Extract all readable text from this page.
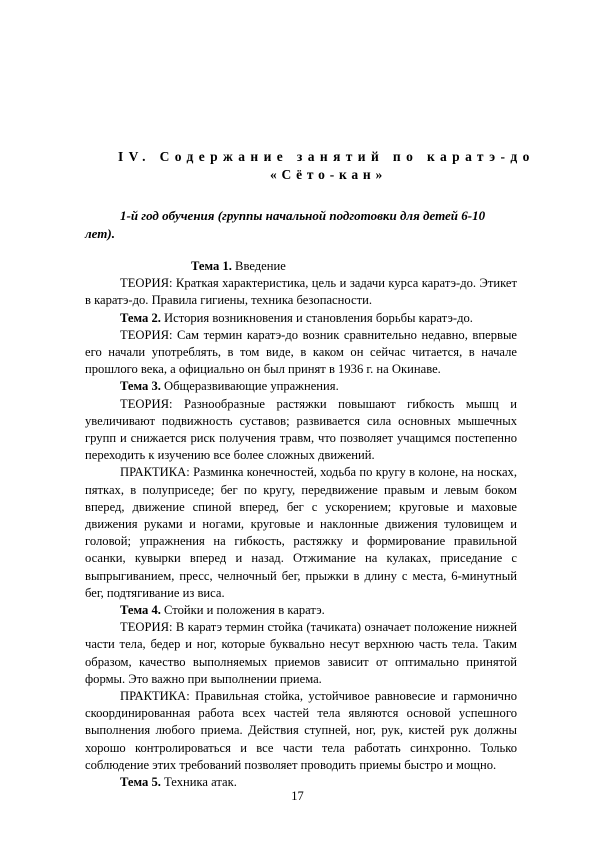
IV. Содержание занятий по каратэ-до
«Сёто-кан»
1-й год обучения (группы начальной подготовки для детей 6-10 лет).

Тема 1. Введение

ТЕОРИЯ: Краткая характеристика, цель и задачи курса каратэ-до. Этикет в каратэ-до. Правила гигиены, техника безопасности.

Тема 2. История возникновения и становления борьбы каратэ-до.

ТЕОРИЯ: Сам термин каратэ-до возник сравнительно недавно, впервые его начали употреблять, в том виде, в каком он сейчас читается, в начале прошлого века, а официально он был принят в 1936 г. на Окинаве.

Тема 3. Общеразвивающие упражнения.

ТЕОРИЯ: Разнообразные растяжки повышают гибкость мышц и увеличивают подвижность суставов; развивается сила основных мышечных групп и снижается риск получения травм, что позволяет учащимся постепенно переходить к изучению все более сложных движений.

ПРАКТИКА: Разминка конечностей, ходьба по кругу в колоне, на носках, пятках, в полуприседе; бег по кругу, передвижение правым и левым боком вперед, движение спиной вперед, бег с ускорением; круговые и маховые движения руками и ногами, круговые и наклонные движения туловищем и головой; упражнения на гибкость, растяжку и формирование правильной осанки, кувырки вперед и назад. Отжимание на кулаках, приседание с выпрыгиванием, пресс, челночный бег, прыжки в длину с места, 6-минутный бег, подтягивание из виса.

Тема 4. Стойки и положения в каратэ.

ТЕОРИЯ: В каратэ термин стойка (тачиката) означает положение нижней части тела, бедер и ног, которые буквально несут верхнюю часть тела. Таким образом, качество выполняемых приемов зависит от оптимально принятой формы. Это важно при выполнении приема.

ПРАКТИКА: Правильная стойка, устойчивое равновесие и гармонично скоординированная работа всех частей тела являются основой успешного выполнения любого приема. Действия ступней, ног, рук, кистей рук должны хорошо контролироваться и все части тела работать синхронно. Только соблюдение этих требований позволяет проводить приемы быстро и мощно.

Тема 5. Техника атак.

17
